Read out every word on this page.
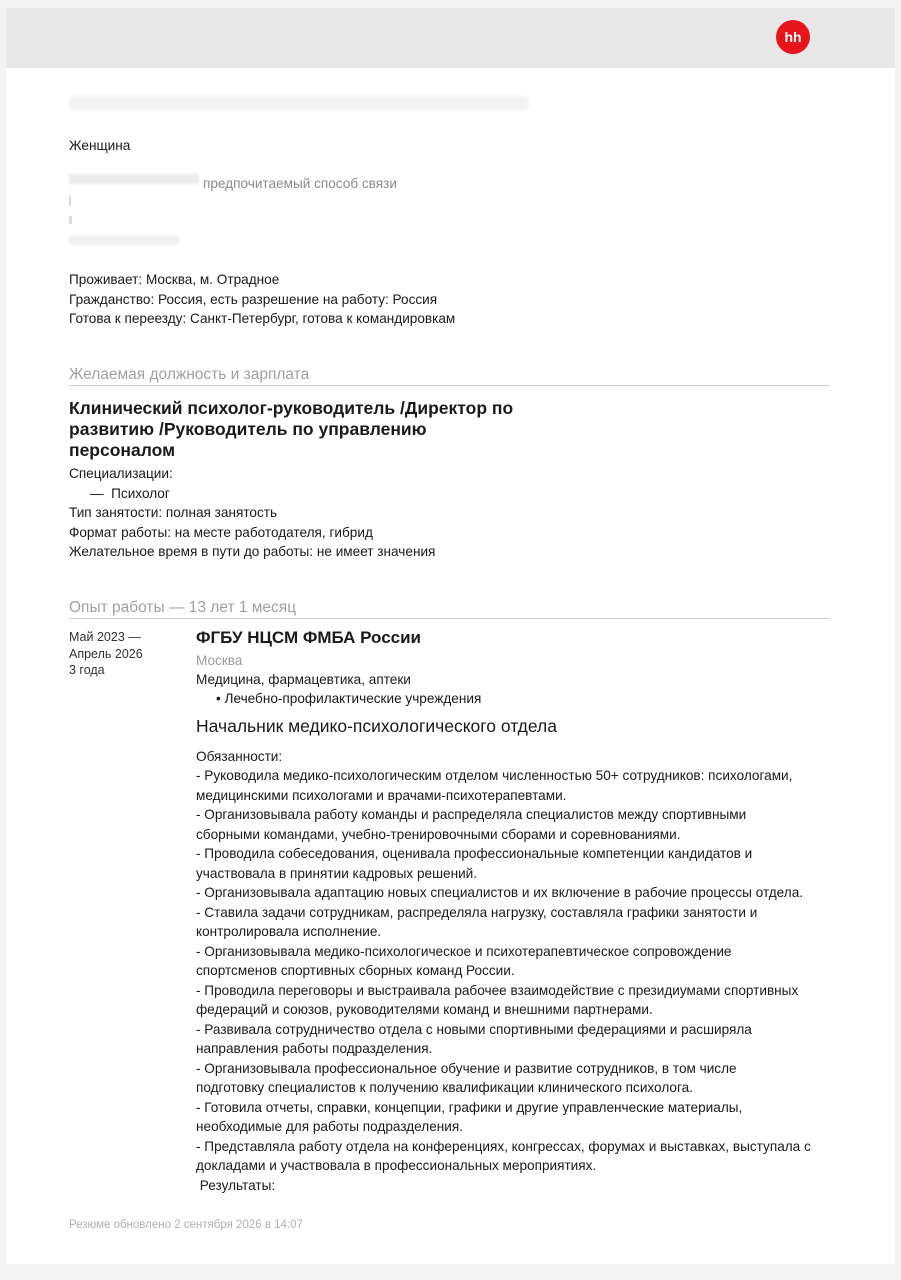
hh
Женщина
предпочитаемый способ связи
Проживает: Москва, м. Отрадное
Гражданство: Россия, есть разрешение на работу: Россия
Готова к переезду: Санкт-Петербург, готова к командировкам
Желаемая должность и зарплата
Клинический психолог-руководитель /Директор по
развитию /Руководитель по управлению
персоналом
Специализации:
—  Психолог
Тип занятости: полная занятость
Формат работы: на месте работодателя, гибрид
Желательное время в пути до работы: не имеет значения
Опыт работы — 13 лет 1 месяц
Май 2023 —
Апрель 2026
3 года
ФГБУ НЦСМ ФМБА России
Москва
Медицина, фармацевтика, аптеки
• Лечебно-профилактические учреждения
Начальник медико-психологического отдела
Обязанности:
- Руководила медико-психологическим отделом численностью 50+ сотрудников: психологами,
медицинскими психологами и врачами-психотерапевтами.
- Организовывала работу команды и распределяла специалистов между спортивными
сборными командами, учебно-тренировочными сборами и соревнованиями.
- Проводила собеседования, оценивала профессиональные компетенции кандидатов и
участвовала в принятии кадровых решений.
- Организовывала адаптацию новых специалистов и их включение в рабочие процессы отдела.
- Ставила задачи сотрудникам, распределяла нагрузку, составляла графики занятости и
контролировала исполнение.
- Организовывала медико-психологическое и психотерапевтическое сопровождение
спортсменов спортивных сборных команд России.
- Проводила переговоры и выстраивала рабочее взаимодействие с президиумами спортивных
федераций и союзов, руководителями команд и внешними партнерами.
- Развивала сотрудничество отдела с новыми спортивными федерациями и расширяла
направления работы подразделения.
- Организовывала профессиональное обучение и развитие сотрудников, в том числе
подготовку специалистов к получению квалификации клинического психолога.
- Готовила отчеты, справки, концепции, графики и другие управленческие материалы,
необходимые для работы подразделения.
- Представляла работу отдела на конференциях, конгрессах, форумах и выставках, выступала с
докладами и участвовала в профессиональных мероприятиях.
Результаты:
Резюме обновлено 2 сентября 2026 в 14:07
